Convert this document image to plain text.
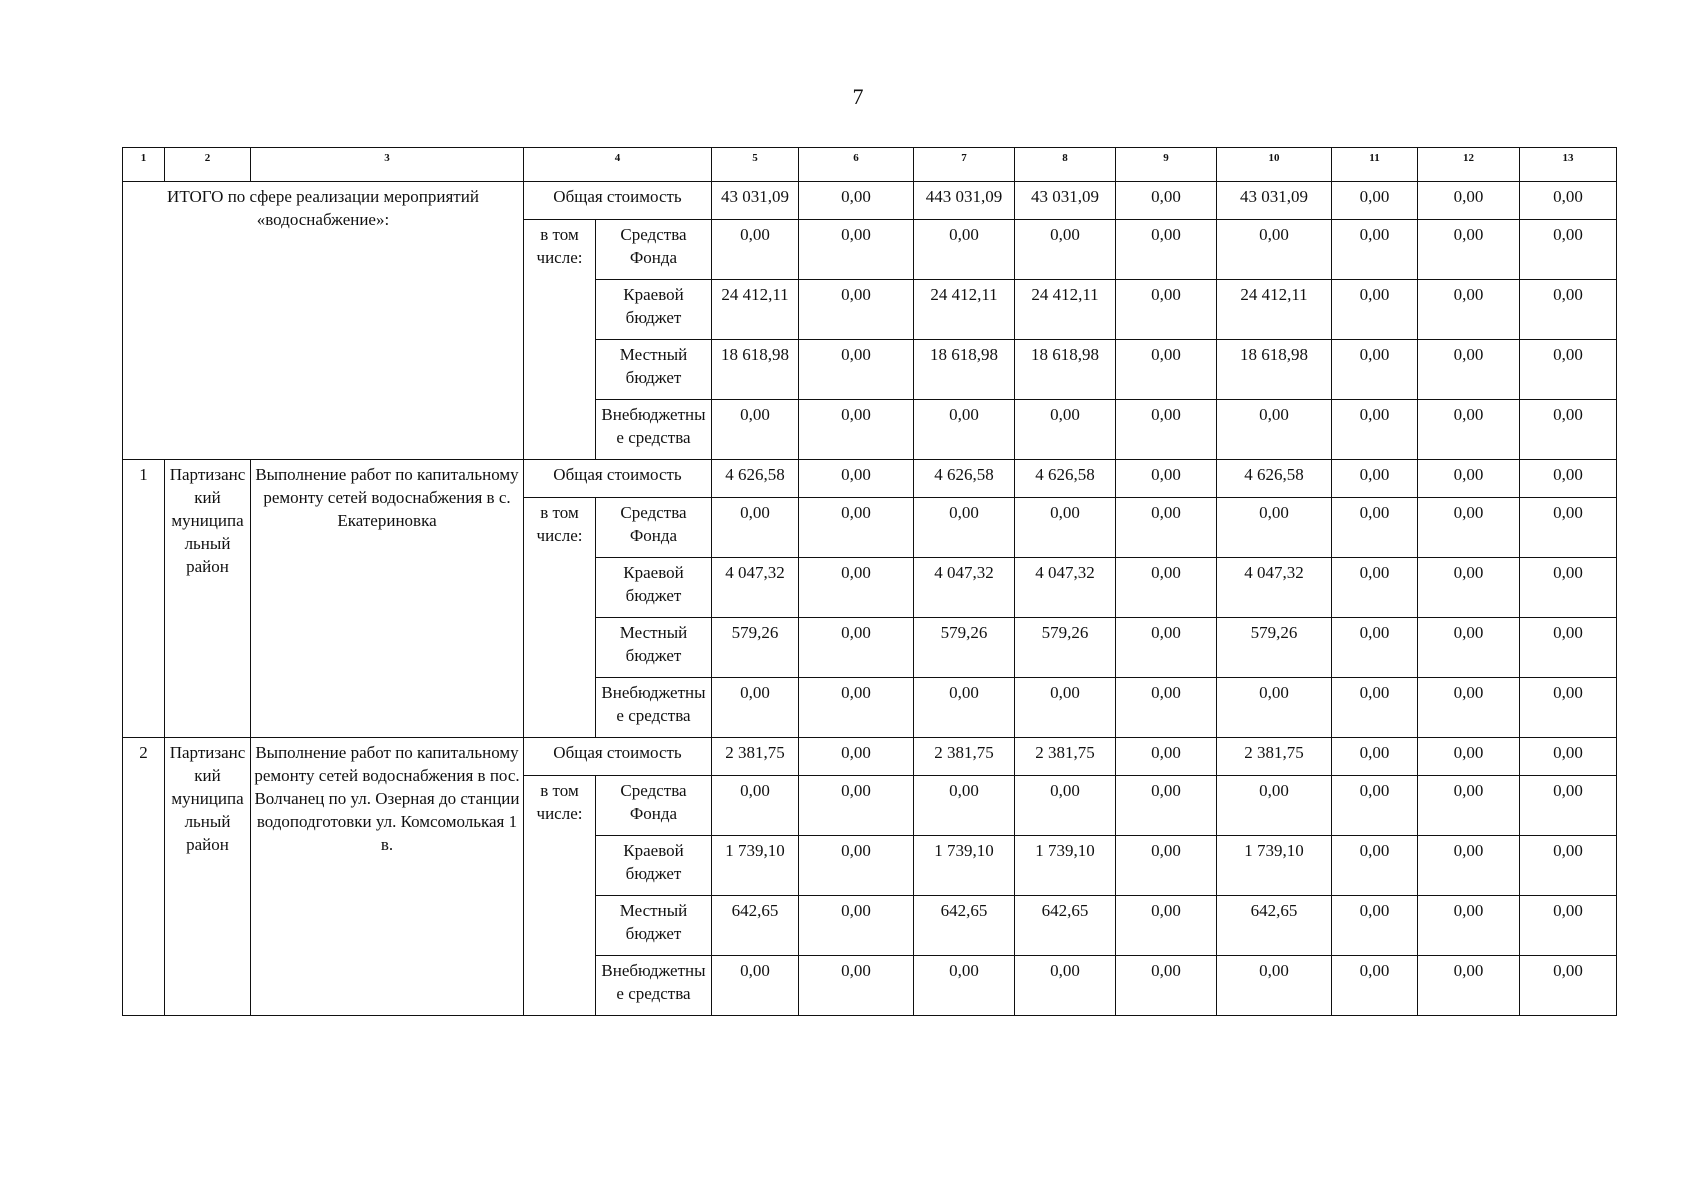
7
1	2	3	4		5	6	7	8	9	10	11	12	13
ИТОГО по сфере реализации мероприятий «водоснабжение»:			Общая стоимость		43 031,09	0,00	443 031,09	43 031,09	0,00	43 031,09	0,00	0,00	0,00
			в том числе:	Средства Фонда	0,00	0,00	0,00	0,00	0,00	0,00	0,00	0,00	0,00
				Краевой бюджет	24 412,11	0,00	24 412,11	24 412,11	0,00	24 412,11	0,00	0,00	0,00
				Местный бюджет	18 618,98	0,00	18 618,98	18 618,98	0,00	18 618,98	0,00	0,00	0,00
				Внебюджетны е средства	0,00	0,00	0,00	0,00	0,00	0,00	0,00	0,00	0,00
1	Партизанс кий муниципа льный район	Выполнение работ по капитальному ремонту сетей водоснабжения в с. Екатериновка	Общая стоимость		4 626,58	0,00	4 626,58	4 626,58	0,00	4 626,58	0,00	0,00	0,00
			в том числе:	Средства Фонда	0,00	0,00	0,00	0,00	0,00	0,00	0,00	0,00	0,00
				Краевой бюджет	4 047,32	0,00	4 047,32	4 047,32	0,00	4 047,32	0,00	0,00	0,00
				Местный бюджет	579,26	0,00	579,26	579,26	0,00	579,26	0,00	0,00	0,00
				Внебюджетны е средства	0,00	0,00	0,00	0,00	0,00	0,00	0,00	0,00	0,00
2	Партизанс кий муниципа льный район	Выполнение работ по капитальному ремонту сетей водоснабжения в пос. Волчанец по ул. Озерная до станции водоподготовки ул. Комсомолькая 1 в.	Общая стоимость		2 381,75	0,00	2 381,75	2 381,75	0,00	2 381,75	0,00	0,00	0,00
			в том числе:	Средства Фонда	0,00	0,00	0,00	0,00	0,00	0,00	0,00	0,00	0,00
				Краевой бюджет	1 739,10	0,00	1 739,10	1 739,10	0,00	1 739,10	0,00	0,00	0,00
				Местный бюджет	642,65	0,00	642,65	642,65	0,00	642,65	0,00	0,00	0,00
				Внебюджетны е средства	0,00	0,00	0,00	0,00	0,00	0,00	0,00	0,00	0,00
